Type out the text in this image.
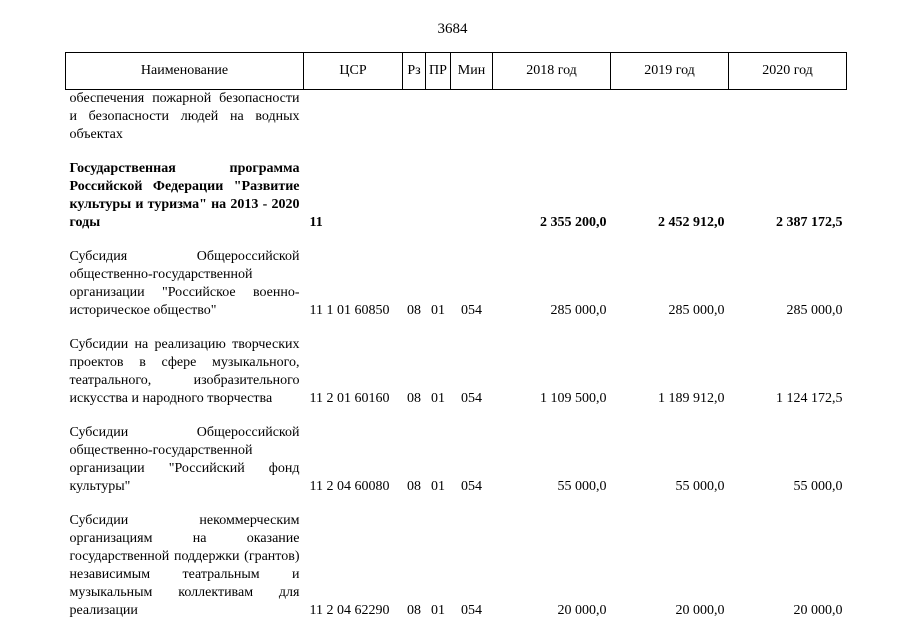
3684
Наименование	ЦСР	Рз	ПР	Мин	2018 год	2019 год	2020 год
обеспечения пожарной безопасности и безопасности людей на водных объектах							

Государственная программа Российской Федерации "Развитие культуры и туризма" на 2013 - 2020 годы	11				2 355 200,0	2 452 912,0	2 387 172,5

Субсидия Общероссийской общественно-государственной организации "Российское военно-историческое общество"	11 1 01 60850	08	01	054	285 000,0	285 000,0	285 000,0

Субсидии на реализацию творческих проектов в сфере музыкального, театрального, изобразительного искусства и народного творчества	11 2 01 60160	08	01	054	1 109 500,0	1 189 912,0	1 124 172,5

Субсидии Общероссийской общественно-государственной организации "Российский фонд культуры"	11 2 04 60080	08	01	054	55 000,0	55 000,0	55 000,0

Субсидии некоммерческим организациям на оказание государственной поддержки (грантов) независимым театральным и музыкальным коллективам для реализации	11 2 04 62290	08	01	054	20 000,0	20 000,0	20 000,0
